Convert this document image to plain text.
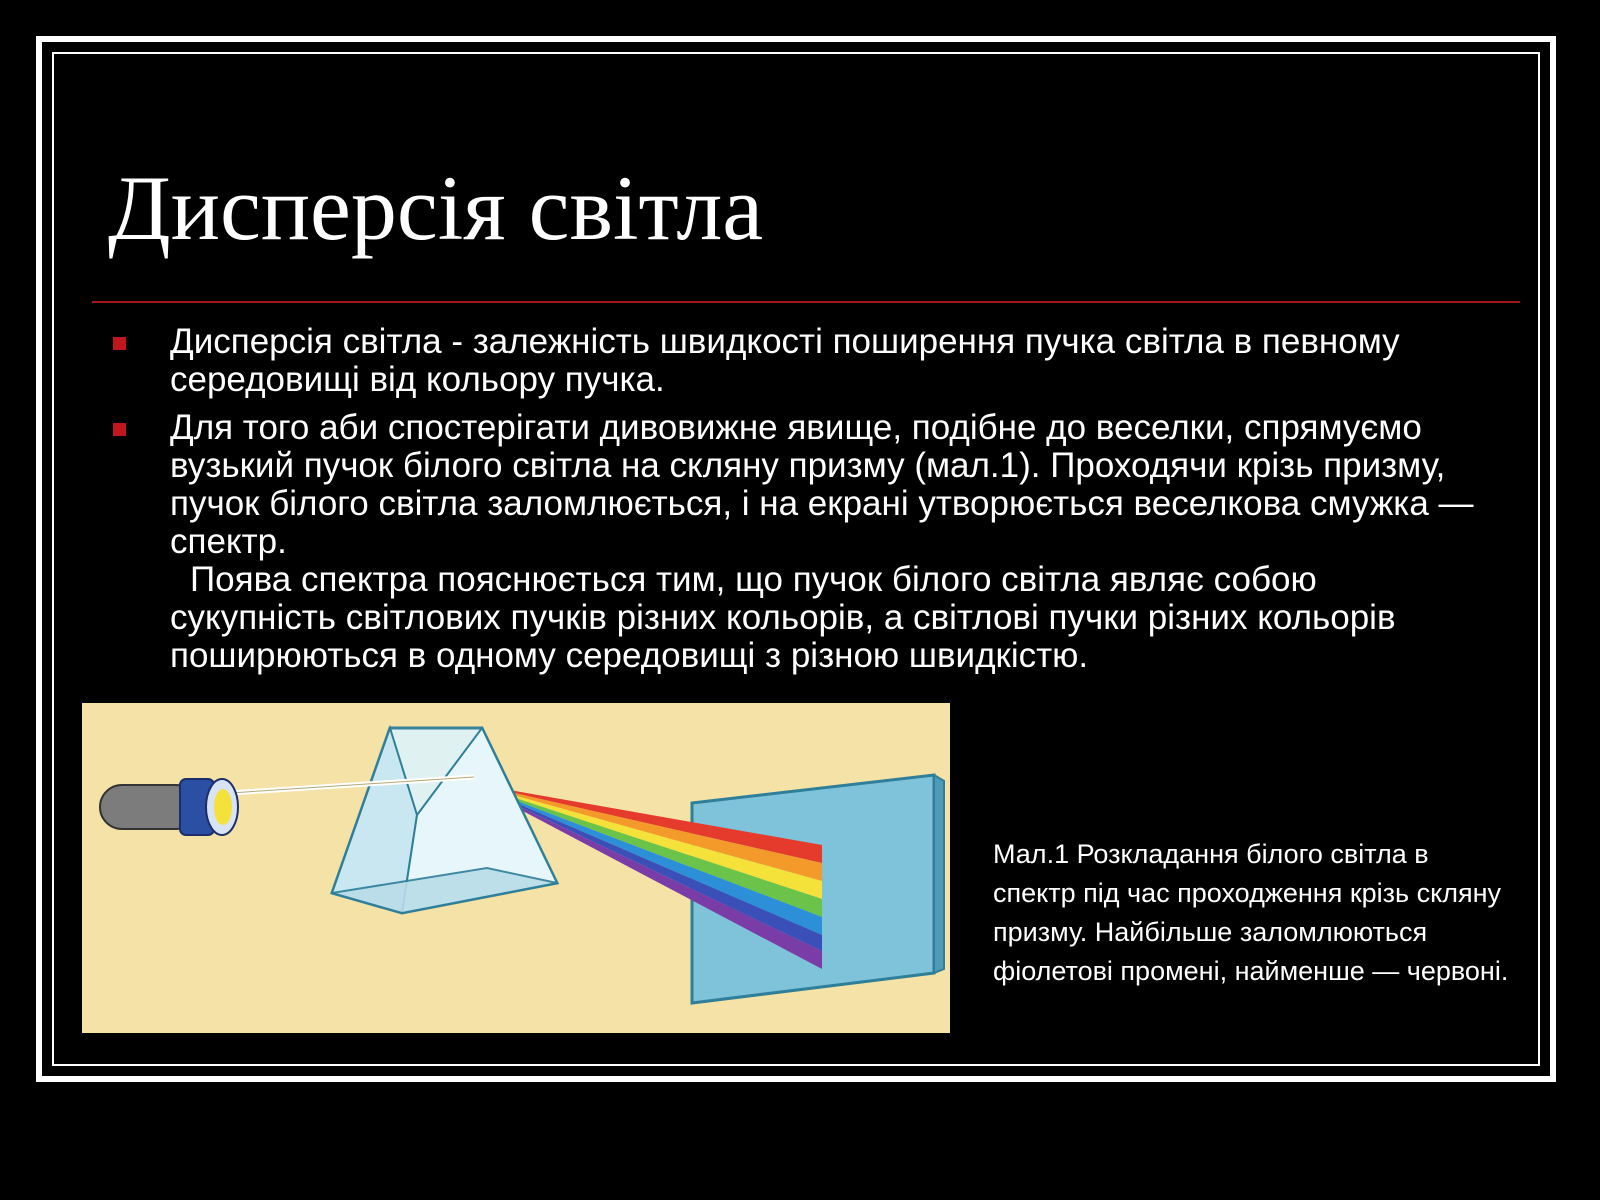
Дисперсія світла
Дисперсія світла - залежність швидкості поширення пучка світла в певному середовищі від кольору пучка.
Для того аби спостерігати дивовижне явище, подібне до веселки, спрямуємо вузький пучок білого світла на скляну призму (мал.1). Проходячи крізь призму, пучок білого світла заломлюється, і на екрані утворюється веселкова смужка — спектр.
Поява спектра пояснюється тим, що пучок білого світла являє собою сукупність світлових пучків різних кольорів, а світлові пучки різних кольорів поширюються в одному середовищі з різною швидкістю.
Мал.1 Розкладання білого світла в спектр під час проходження крізь скляну призму. Найбільше заломлюються фіолетові промені, найменше — червоні.
